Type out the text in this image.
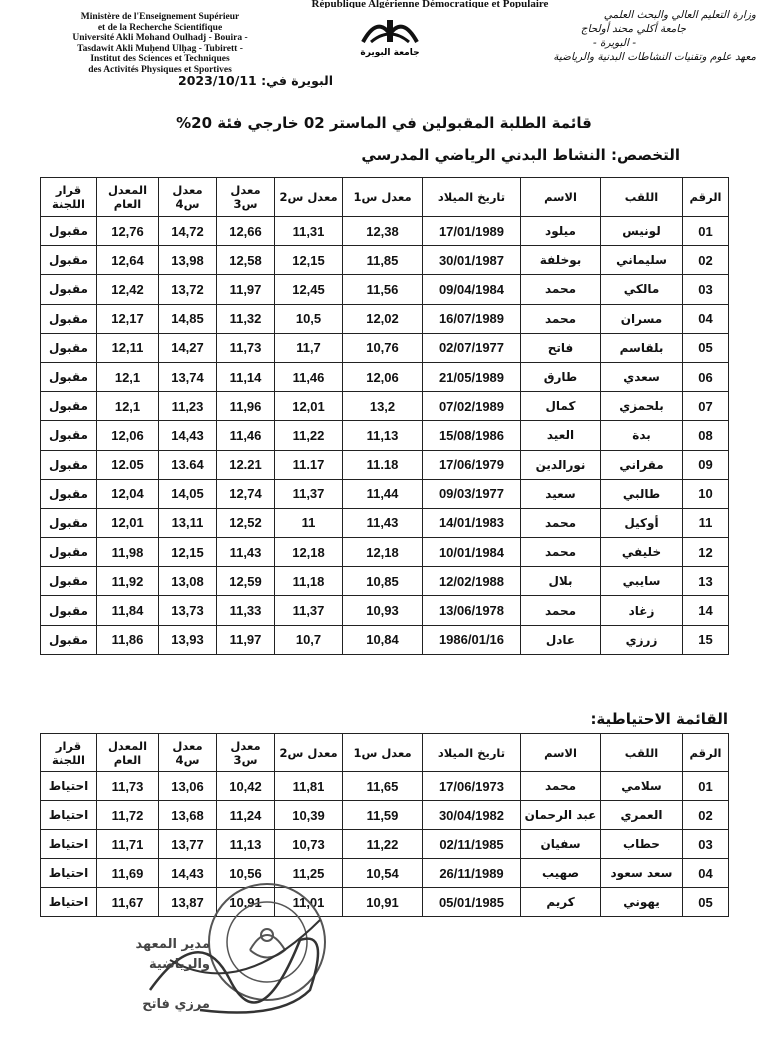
République Algérienne Démocratique et Populaire
Ministère de l'Enseignement Supérieur
et de la Recherche Scientifique
Université Akli Mohand Oulhadj - Bouira -
Tasdawit Akli Muḥend Ulḥag - Tubirett -
Institut des Sciences et Techniques
des Activités Physiques et Sportives
وزارة التعليم العالي والبحث العلمي
جامعة أكلي محند أولحاج
- البويرة -
معهد علوم وتقنيات النشاطات البدنية والرياضية
جامعة البويرة
البويرة في: 2023/10/11
قائمة الطلبة المقبولين في الماستر 02 خارجي فئة 20%
التخصص: النشاط البدني الرياضي المدرسي
الرقم	اللقب	الاسم	تاريخ الميلاد	معدل س1	معدل س2	معدل س3	معدل س4	المعدل العام	قرار اللجنة
01	لونيس	ميلود	17/01/1989	12,38	11,31	12,66	14,72	12,76	مقبول
02	سليماني	بوخلفة	30/01/1987	11,85	12,15	12,58	13,98	12,64	مقبول
03	مالكي	محمد	09/04/1984	11,56	12,45	11,97	13,72	12,42	مقبول
04	مسران	محمد	16/07/1989	12,02	10,5	11,32	14,85	12,17	مقبول
05	بلقاسم	فاتح	02/07/1977	10,76	11,7	11,73	14,27	12,11	مقبول
06	سعدي	طارق	21/05/1989	12,06	11,46	11,14	13,74	12,1	مقبول
07	بلحمزي	كمال	07/02/1989	13,2	12,01	11,96	11,23	12,1	مقبول
08	بدة	العيد	15/08/1986	11,13	11,22	11,46	14,43	12,06	مقبول
09	مقراني	نورالدين	17/06/1979	11.18	11.17	12.21	13.64	12.05	مقبول
10	طالبي	سعيد	09/03/1977	11,44	11,37	12,74	14,05	12,04	مقبول
11	أوكيل	محمد	14/01/1983	11,43	11	12,52	13,11	12,01	مقبول
12	خليفي	محمد	10/01/1984	12,18	12,18	11,43	12,15	11,98	مقبول
13	سايبي	بلال	12/02/1988	10,85	11,18	12,59	13,08	11,92	مقبول
14	زغاد	محمد	13/06/1978	10,93	11,37	11,33	13,73	11,84	مقبول
15	زرزي	عادل	1986/01/16	10,84	10,7	11,97	13,93	11,86	مقبول
القائمة الاحتياطية:
الرقم	اللقب	الاسم	تاريخ الميلاد	معدل س1	معدل س2	معدل س3	معدل س4	المعدل العام	قرار اللجنة
01	سلامي	محمد	17/06/1973	11,65	11,81	10,42	13,06	11,73	احتياط
02	العمري	عبد الرحمان	30/04/1982	11,59	10,39	11,24	13,68	11,72	احتياط
03	حطاب	سفيان	02/11/1985	11,22	10,73	11,13	13,77	11,71	احتياط
04	سعد سعود	صهيب	26/11/1989	10,54	11,25	10,56	14,43	11,69	احتياط
05	يهوني	كريم	05/01/1985	10,91	11,01	10,91	13,87	11,67	احتياط
مدير المعهد
والرياضية
مرزي فاتح
